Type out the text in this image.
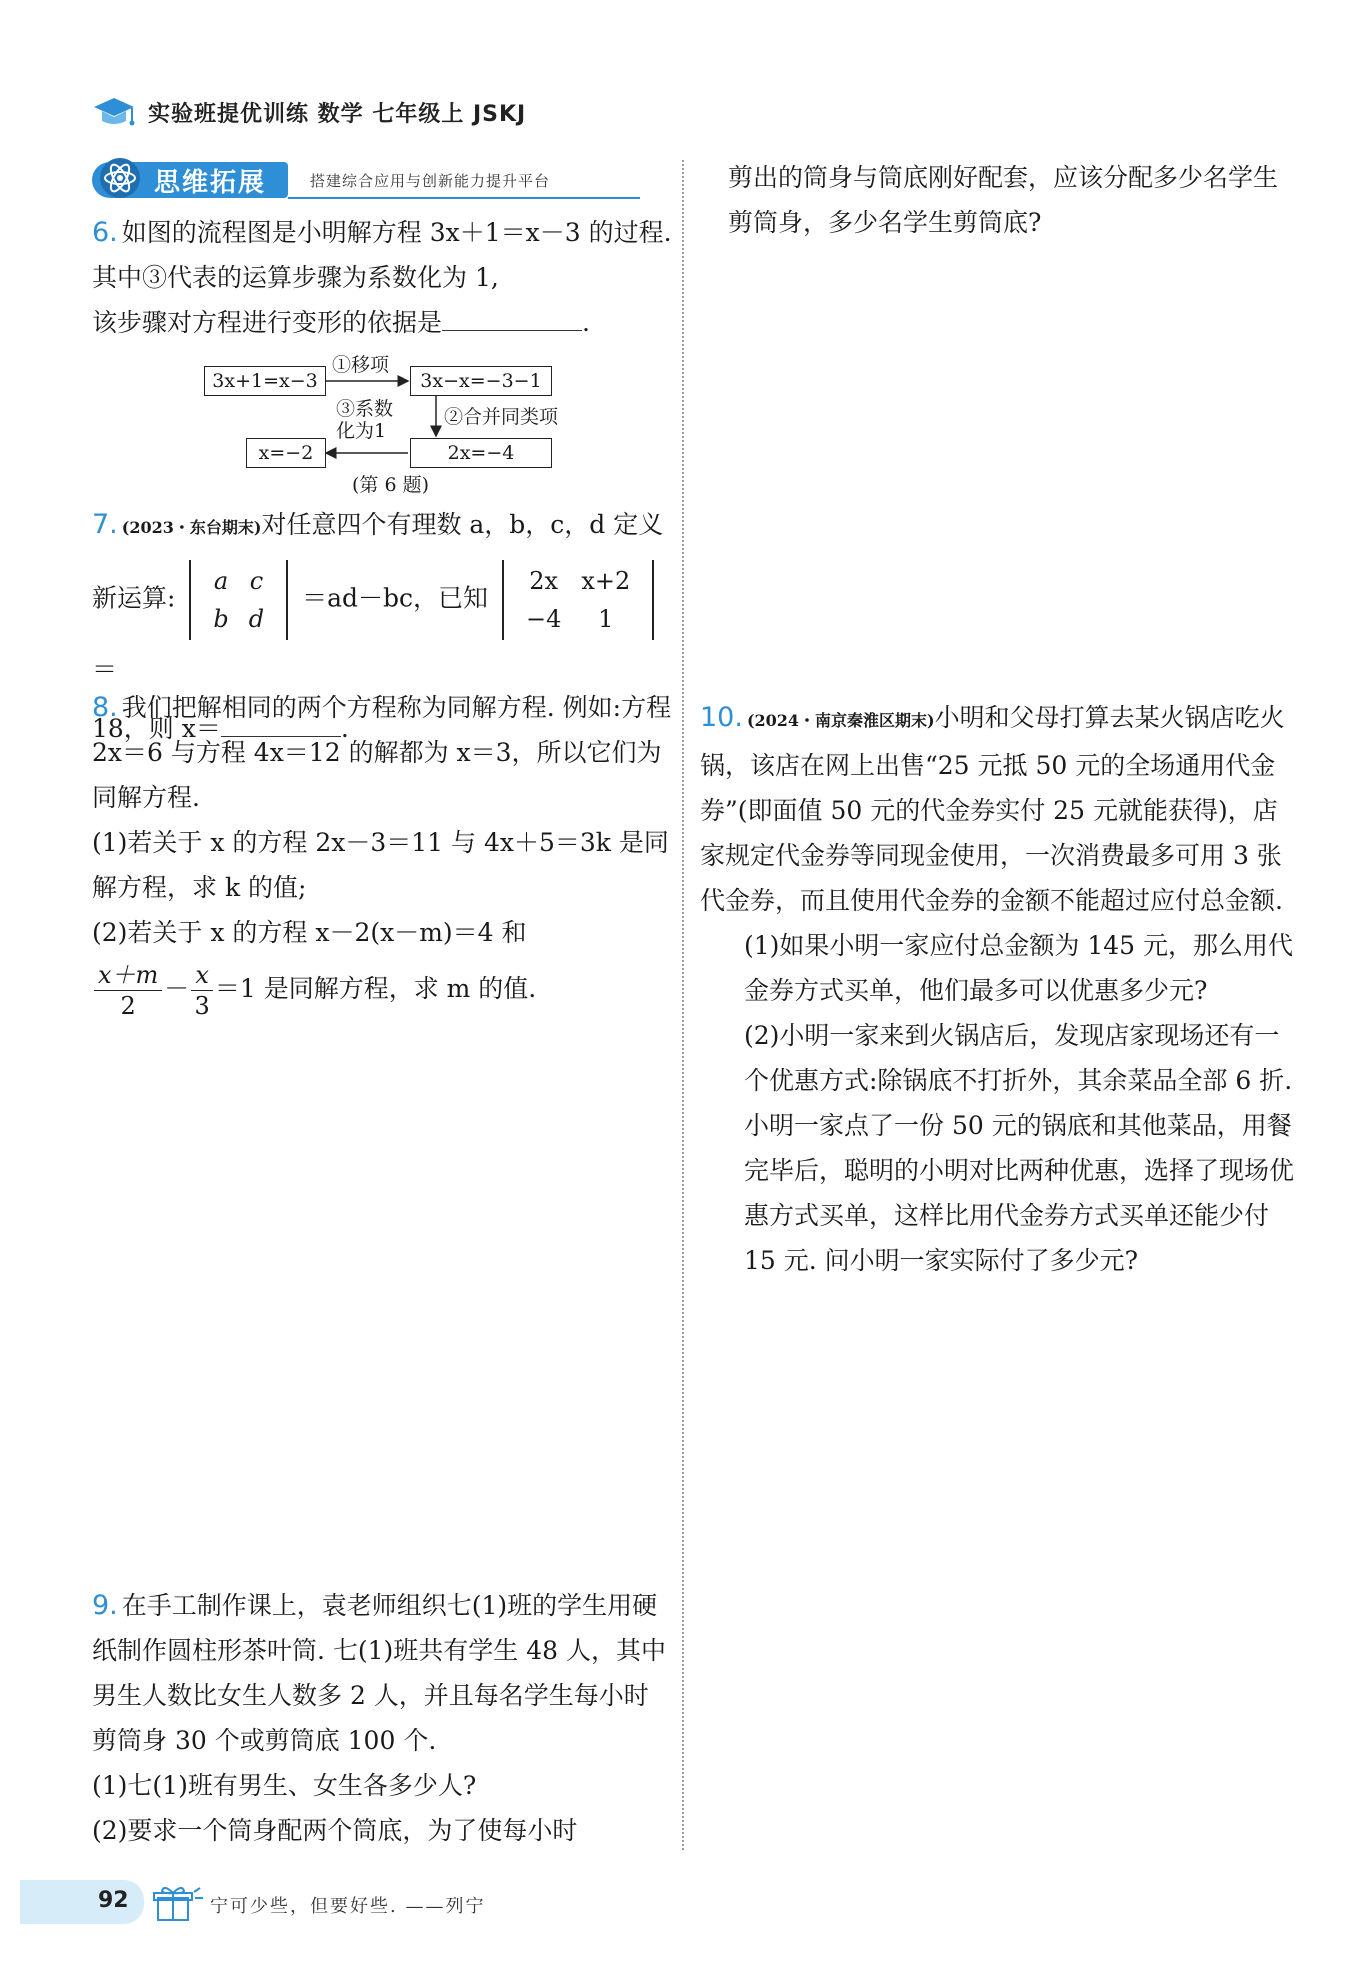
实验班提优训练 数学 七年级上 JSKJ
思维拓展	搭建综合应用与创新能力提升平台
6. 如图的流程图是小明解方程 3x＋1＝x－3 的过程. 其中③代表的运算步骤为系数化为 1,
该步骤对方程进行变形的依据是	.
3x+1=x−3	3x−x=−3−1
2x=−4
x=−2
①移项
②合并同类项
③系数
化为1
(第 6 题)
7. (2023・东台期末)对任意四个有理数 a，b，c，d 定义

新运算:
a	c
b	d
＝ad－bc，已知
2x	x+2
−4	1
＝
18，则 x＝	.
8. 我们把解相同的两个方程称为同解方程. 例如:方程 2x＝6 与方程 4x＝12 的解都为 x＝3，所以它们为同解方程.
(1)若关于 x 的方程 2x－3＝11 与 4x＋5＝3k 是同解方程，求 k 的值;
(2)若关于 x 的方程 x－2(x－m)＝4 和

$\frac{x+m}{2} - \frac{x}{3} =1$ 是同解方程，求 m 的值.
9. 在手工制作课上，袁老师组织七(1)班的学生用硬纸制作圆柱形茶叶筒. 七(1)班共有学生 48 人，其中男生人数比女生人数多 2 人，并且每名学生每小时剪筒身 30 个或剪筒底 100 个.
(1)七(1)班有男生、女生各多少人?
(2)要求一个筒身配两个筒底，为了使每小时
剪出的筒身与筒底刚好配套，应该分配多少名学生剪筒身，多少名学生剪筒底?
10. (2024・南京秦淮区期末)小明和父母打算去某火锅店吃火锅，该店在网上出售“25 元抵 50 元的全场通用代金券”(即面值 50 元的代金券实付 25 元就能获得)，店家规定代金券等同现金使用，一次消费最多可用 3 张代金券，而且使用代金券的金额不能超过应付总金额.

(1)如果小明一家应付总金额为 145 元，那么用代金券方式买单，他们最多可以优惠多少元?
(2)小明一家来到火锅店后，发现店家现场还有一个优惠方式:除锅底不打折外，其余菜品全部 6 折. 小明一家点了一份 50 元的锅底和其他菜品，用餐完毕后，聪明的小明对比两种优惠，选择了现场优惠方式买单，这样比用代金券方式买单还能少付 15 元. 问小明一家实际付了多少元?
92	宁可少些，但要好些. ——列宁
